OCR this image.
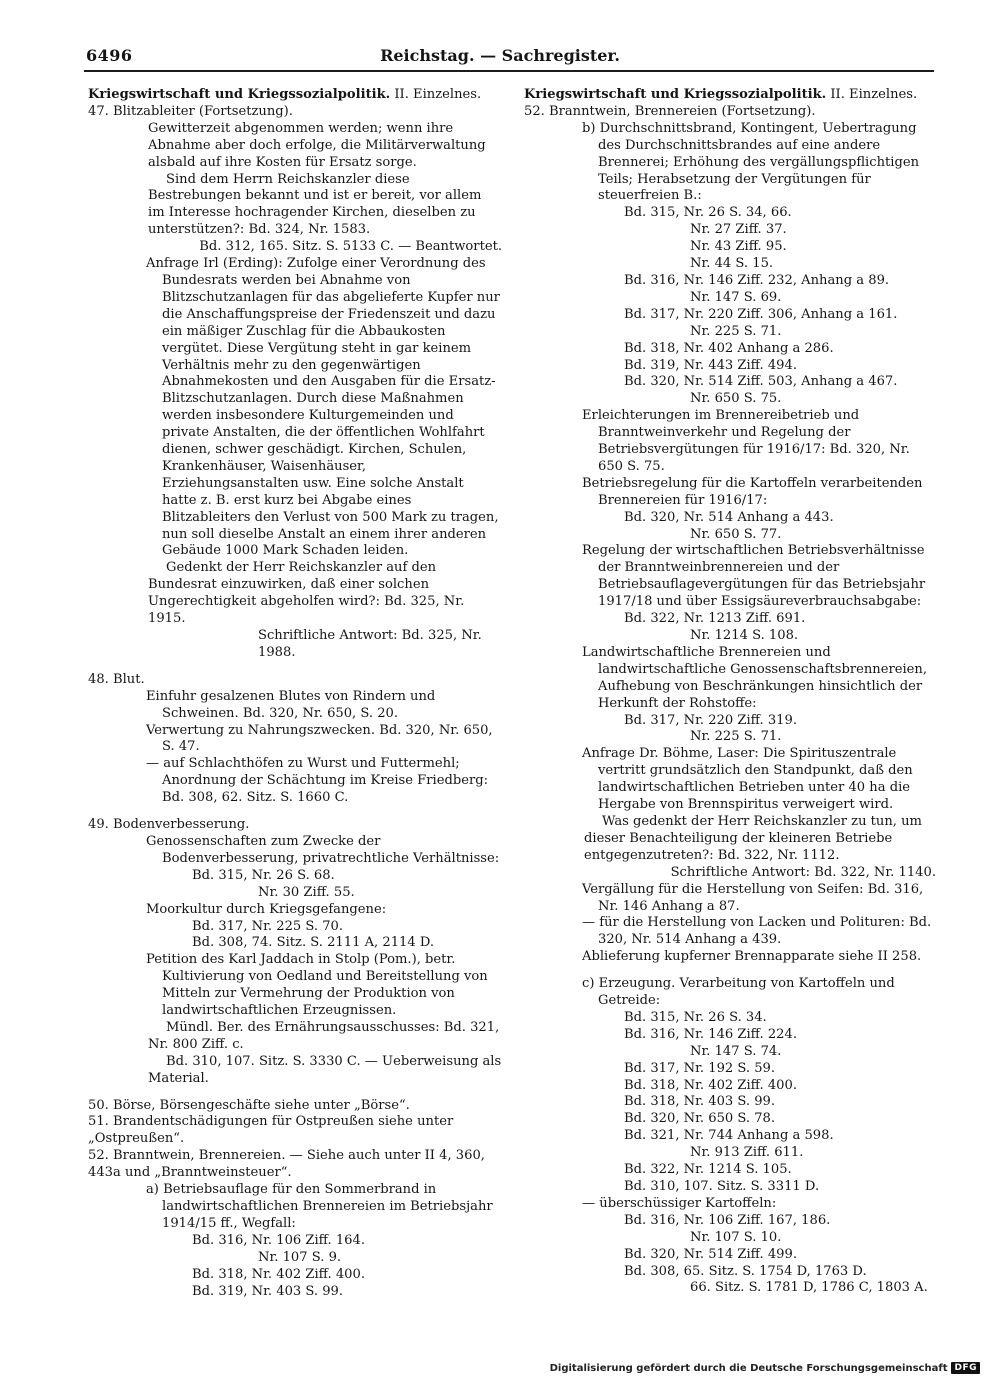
6496	Reichstag. — Sachregister.

Kriegswirtschaft und Kriegssozialpolitik. II. Einzelnes.

47. Blitzableiter (Fortsetzung).

Gewitterzeit abgenommen werden; wenn ihre Abnahme aber doch erfolge, die Militärverwaltung alsbald auf ihre Kosten für Ersatz sorge.

Sind dem Herrn Reichskanzler diese Bestrebungen bekannt und ist er bereit, vor allem im Interesse hochragender Kirchen, dieselben zu unterstützen?: Bd. 324, Nr. 1583.

Bd. 312, 165. Sitz. S. 5133 C. — Beantwortet.

Anfrage Irl (Erding): Zufolge einer Verordnung des Bundesrats werden bei Abnahme von Blitzschutzanlagen für das abgelieferte Kupfer nur die Anschaffungspreise der Friedenszeit und dazu ein mäßiger Zuschlag für die Abbaukosten vergütet. Diese Vergütung steht in gar keinem Verhältnis mehr zu den gegenwärtigen Abnahmekosten und den Ausgaben für die Ersatz-Blitzschutzanlagen. Durch diese Maßnahmen werden insbesondere Kulturgemeinden und private Anstalten, die der öffentlichen Wohlfahrt dienen, schwer geschädigt. Kirchen, Schulen, Krankenhäuser, Waisenhäuser, Erziehungsanstalten usw. Eine solche Anstalt hatte z. B. erst kurz bei Abgabe eines Blitzableiters den Verlust von 500 Mark zu tragen, nun soll dieselbe Anstalt an einem ihrer anderen Gebäude 1000 Mark Schaden leiden.

Gedenkt der Herr Reichskanzler auf den Bundesrat einzuwirken, daß einer solchen Ungerechtigkeit abgeholfen wird?: Bd. 325, Nr. 1915.

Schriftliche Antwort: Bd. 325, Nr. 1988.

48. Blut.

Einfuhr gesalzenen Blutes von Rindern und Schweinen. Bd. 320, Nr. 650, S. 20.

Verwertung zu Nahrungszwecken. Bd. 320, Nr. 650, S. 47.

— auf Schlachthöfen zu Wurst und Futtermehl; Anordnung der Schächtung im Kreise Friedberg: Bd. 308, 62. Sitz. S. 1660 C.

49. Bodenverbesserung.

Genossenschaften zum Zwecke der Bodenverbesserung, privatrechtliche Verhältnisse:

Bd. 315, Nr. 26 S. 68.

Nr. 30 Ziff. 55.

Moorkultur durch Kriegsgefangene:

Bd. 317, Nr. 225 S. 70.

Bd. 308, 74. Sitz. S. 2111 A, 2114 D.

Petition des Karl Jaddach in Stolp (Pom.), betr. Kultivierung von Oedland und Bereitstellung von Mitteln zur Vermehrung der Produktion von landwirtschaftlichen Erzeugnissen.

Mündl. Ber. des Ernährungsausschusses: Bd. 321, Nr. 800 Ziff. c.

Bd. 310, 107. Sitz. S. 3330 C. — Ueberweisung als Material.

50. Börse, Börsengeschäfte siehe unter „Börse“.

51. Brandentschädigungen für Ostpreußen siehe unter „Ostpreußen“.

52. Branntwein, Brennereien. — Siehe auch unter II 4, 360, 443a und „Branntweinsteuer“.

a) Betriebsauflage für den Sommerbrand in landwirtschaftlichen Brennereien im Betriebsjahr 1914/15 ff., Wegfall:

Bd. 316, Nr. 106 Ziff. 164.

Nr. 107 S. 9.

Bd. 318, Nr. 402 Ziff. 400.

Bd. 319, Nr. 403 S. 99.

Kriegswirtschaft und Kriegssozialpolitik. II. Einzelnes.

52. Branntwein, Brennereien (Fortsetzung).

b) Durchschnittsbrand, Kontingent, Uebertragung des Durchschnittsbrandes auf eine andere Brennerei; Erhöhung des vergällungspflichtigen Teils; Herabsetzung der Vergütungen für steuerfreien B.:

Bd. 315, Nr. 26 S. 34, 66.

Nr. 27 Ziff. 37.

Nr. 43 Ziff. 95.

Nr. 44 S. 15.

Bd. 316, Nr. 146 Ziff. 232, Anhang a 89.

Nr. 147 S. 69.

Bd. 317, Nr. 220 Ziff. 306, Anhang a 161.

Nr. 225 S. 71.

Bd. 318, Nr. 402 Anhang a 286.

Bd. 319, Nr. 443 Ziff. 494.

Bd. 320, Nr. 514 Ziff. 503, Anhang a 467.

Nr. 650 S. 75.

Erleichterungen im Brennereibetrieb und Branntweinverkehr und Regelung der Betriebsvergütungen für 1916/17: Bd. 320, Nr. 650 S. 75.

Betriebsregelung für die Kartoffeln verarbeitenden Brennereien für 1916/17:

Bd. 320, Nr. 514 Anhang a 443.

Nr. 650 S. 77.

Regelung der wirtschaftlichen Betriebsverhältnisse der Branntweinbrennereien und der Betriebsauflagevergütungen für das Betriebsjahr 1917/18 und über Essigsäureverbrauchsabgabe:

Bd. 322, Nr. 1213 Ziff. 691.

Nr. 1214 S. 108.

Landwirtschaftliche Brennereien und landwirtschaftliche Genossenschaftsbrennereien, Aufhebung von Beschränkungen hinsichtlich der Herkunft der Rohstoffe:

Bd. 317, Nr. 220 Ziff. 319.

Nr. 225 S. 71.

Anfrage Dr. Böhme, Laser: Die Spirituszentrale vertritt grundsätzlich den Standpunkt, daß den landwirtschaftlichen Betrieben unter 40 ha die Hergabe von Brennspiritus verweigert wird.

Was gedenkt der Herr Reichskanzler zu tun, um dieser Benachteiligung der kleineren Betriebe entgegenzutreten?: Bd. 322, Nr. 1112.

Schriftliche Antwort: Bd. 322, Nr. 1140.

Vergällung für die Herstellung von Seifen: Bd. 316, Nr. 146 Anhang a 87.

— für die Herstellung von Lacken und Polituren: Bd. 320, Nr. 514 Anhang a 439.

Ablieferung kupferner Brennapparate siehe II 258.

c) Erzeugung. Verarbeitung von Kartoffeln und Getreide:

Bd. 315, Nr. 26 S. 34.

Bd. 316, Nr. 146 Ziff. 224.

Nr. 147 S. 74.

Bd. 317, Nr. 192 S. 59.

Bd. 318, Nr. 402 Ziff. 400.

Bd. 318, Nr. 403 S. 99.

Bd. 320, Nr. 650 S. 78.

Bd. 321, Nr. 744 Anhang a 598.

Nr. 913 Ziff. 611.

Bd. 322, Nr. 1214 S. 105.

Bd. 310, 107. Sitz. S. 3311 D.

— überschüssiger Kartoffeln:

Bd. 316, Nr. 106 Ziff. 167, 186.

Nr. 107 S. 10.

Bd. 320, Nr. 514 Ziff. 499.

Bd. 308, 65. Sitz. S. 1754 D, 1763 D.

66. Sitz. S. 1781 D, 1786 C, 1803 A.

Digitalisierung gefördert durch die Deutsche Forschungsgemeinschaft DFG
